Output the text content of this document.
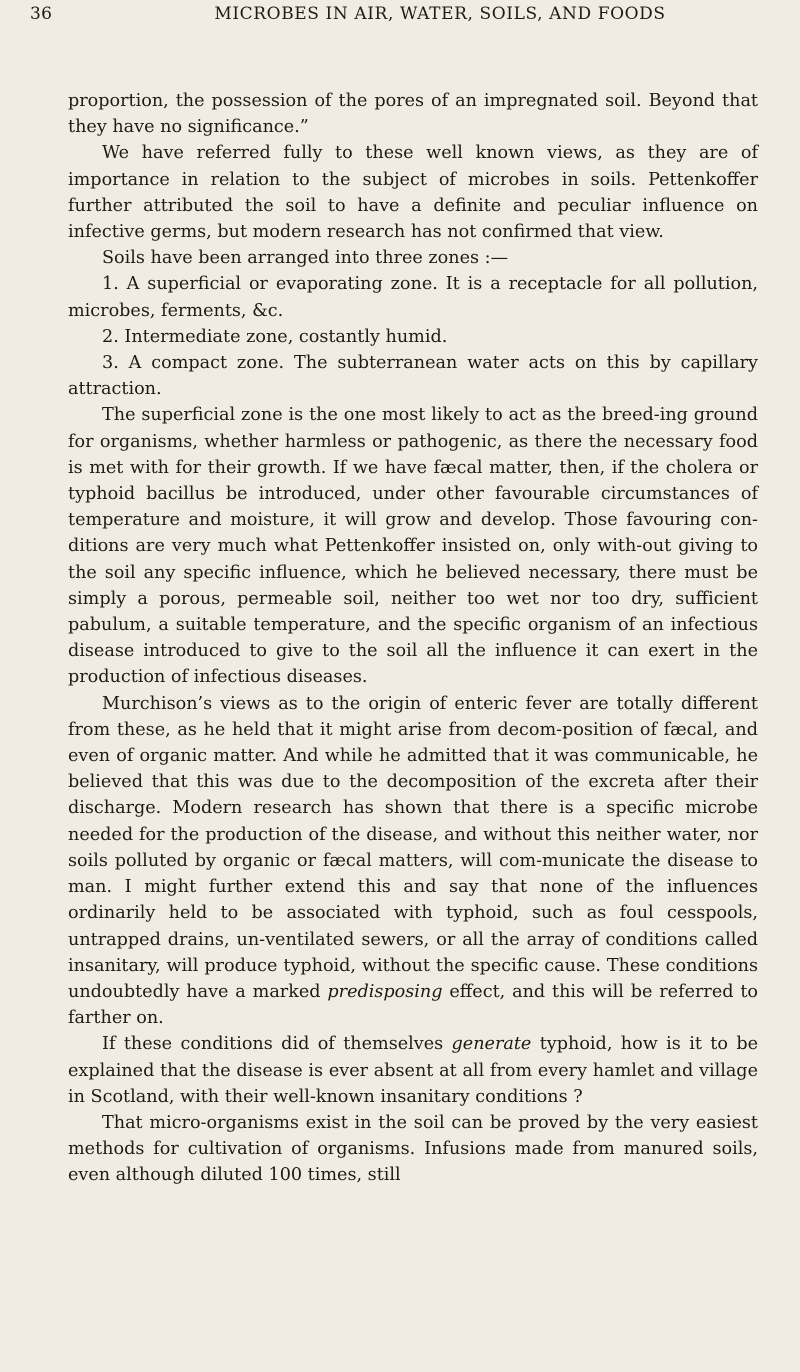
36	MICROBES IN AIR, WATER, SOILS, AND FOODS

proportion, the possession of the pores of an impregnated soil. Beyond that they have no significance.”

We have referred fully to these well known views, as they are of importance in relation to the subject of microbes in soils. Pettenkoffer further attributed the soil to have a definite and peculiar influence on infective germs, but modern research has not confirmed that view.

Soils have been arranged into three zones :—

1. A superficial or evaporating zone. It is a receptacle for all pollution, microbes, ferments, &c.

2. Intermediate zone, costantly humid.

3. A compact zone. The subterranean water acts on this by capillary attraction.

The superficial zone is the one most likely to act as the breed-ing ground for organisms, whether harmless or pathogenic, as there the necessary food is met with for their growth. If we have fæcal matter, then, if the cholera or typhoid bacillus be introduced, under other favourable circumstances of temperature and moisture, it will grow and develop. Those favouring con-ditions are very much what Pettenkoffer insisted on, only with-out giving to the soil any specific influence, which he believed necessary, there must be simply a porous, permeable soil, neither too wet nor too dry, sufficient pabulum, a suitable temperature, and the specific organism of an infectious disease introduced to give to the soil all the influence it can exert in the production of infectious diseases.

Murchison’s views as to the origin of enteric fever are totally different from these, as he held that it might arise from decom-position of fæcal, and even of organic matter. And while he admitted that it was communicable, he believed that this was due to the decomposition of the excreta after their discharge. Modern research has shown that there is a specific microbe needed for the production of the disease, and without this neither water, nor soils polluted by organic or fæcal matters, will com-municate the disease to man. I might further extend this and say that none of the influences ordinarily held to be associated with typhoid, such as foul cesspools, untrapped drains, un-ventilated sewers, or all the array of conditions called insanitary, will produce typhoid, without the specific cause. These conditions undoubtedly have a marked predisposing effect, and this will be referred to farther on.

If these conditions did of themselves generate typhoid, how is it to be explained that the disease is ever absent at all from every hamlet and village in Scotland, with their well-known insanitary conditions ?

That micro-organisms exist in the soil can be proved by the very easiest methods for cultivation of organisms. Infusions made from manured soils, even although diluted 100 times, still
